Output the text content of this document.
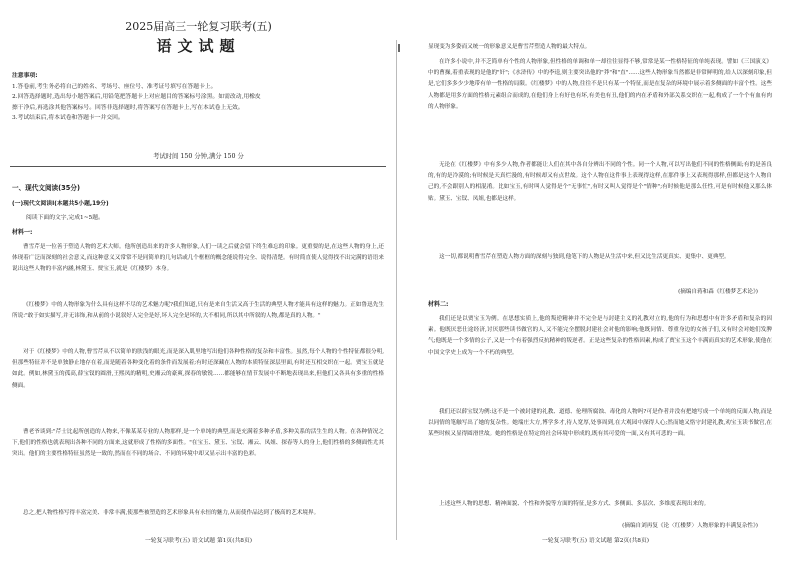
2025届高三一轮复习联考(五)
语文试题
注意事项:
1.答卷前,考生务必将自己的姓名、考场号、座位号、准考证号填写在答题卡上。
2.回答选择题时,选出每小题答案后,用铅笔把答题卡上对应题目的答案标号涂黑。如需改动,用橡皮
擦干净后,再选涂其他答案标号。回答非选择题时,将答案写在答题卡上,写在本试卷上无效。
3.考试结束后,将本试卷和答题卡一并交回。
考试时间 150 分钟,满分 150 分
一、现代文阅读(35分)
(一)现代文阅读Ⅰ(本题共5小题,19分)
阅读下面的文字,完成1~5题。
材料一:
曹雪芹是一位善于塑造人物的艺术大师。他所创造出来的许多人物形象,人们一读之后就会留下终生难忘的印象。更重要的是,在这些人物的身上,还体现着广泛而深刻的社会意义,而这种意义又常常不是同简单的几句话或几个框框的概念能说得完全、说得清楚。有时简直使人觉得找不出完满的语语来说出这些人物的丰富内涵,林黛玉、贾宝玉,就是《红楼梦》本身。
《红楼梦》中的人物形象为什么具有这样不尽的艺术魅力呢?我们知道,只有是来自生活又高于生活的典型人物才能具有这样的魅力。正如鲁迅先生所说:"敢于如实描写,并无讳饰,和从前的小说叙好人完全是好,坏人完全是坏的,大不相同,所以其中所叙的人物,都是真的人物。"
对于《红楼梦》中的人物,曹雪芹从不以简单的肤浅的眼光,而是深入肌里地写出他们各种性格的复杂和丰富性。虽然,每个人物的个性特征都很分明,但那些特征并不是单独静止地存在着,而是随着各种变化着的条件而发展着;有时还深藏在人物的本质特征深层里面,有时还互相交织在一起。贾宝玉就是如此。例如,林黛玉的孤高,薛宝钗的圆滑,王熙凤的精明,史湘云的豪爽,探春的敏锐……都能够在情节发展中不断地表现出来,但他们又各具有多重的性格侧面。
曹老爷谈到:"芹士比起所创造的人物来,不像某某专业的人物那样,是一个单纯的典型,而是充满着多种矛盾,多种关系的活生生的人物。在各种情况之下,他们的性格也就表现出各种不同的方面来,这就形成了性格的多面性。"在宝玉、黛玉、宝钗、湘云、凤姐、探春等人的身上,他们性格的多侧面性尤其突出。他们的主要性格特征虽然是一致的,然而在不同的场合、不同的环境中却又显示出丰富的色彩。
总之,把人物性格写得丰富完美、非常丰满,使那些被塑造的艺术形象具有永恒的魅力,从而使作品达到了极高的艺术境界。
显现变为多姿而又统一的形象意义是曹雪芹塑造人物的最大特点。
在许多小说中,并不乏简单有个性的人物形象,但性格的单调和单一却往往显得不够,常常是某一性格特征的单纯表现。譬如《三国演义》中的曹操,着重表现的是他的"奸";《水浒传》中的李逵,则主要突出他的"莽"和"直"……这些人物形象当然都是非常鲜明的,给人以深刻印象,但是,它们多多少少地带有单一性格的局限。《红楼梦》中的人物,往往不是只有某一个特征,而是在复杂的环境中展示着多侧面的丰富个性。这些人物都是用多方面的性格元素组合而成的,在他们身上有好也有坏,有美也有丑,他们的内在矛盾和外部关系交织在一起,构成了一个个有血有肉的人物形象。
无论在《红楼梦》中有多少人物,作者都能让人们在其中各自分辨出不同的个性。同一个人物,可以写出他们不同的性格侧面;有的是善良的,有的是冷漠的;有时候是天真烂漫的,有时候却又有点世故。这个人物在这件事上表现得这样,在那件事上又表现得那样,但都是这个人物自己的,不会跟别人的相混淆。比如宝玉,有时叫人觉得是个"无事忙",有时又叫人觉得是个"情种";有时候他是那么任性,可是有时候他又那么体贴。黛玉、宝钗、凤姐,也都是这样。
这一切,都说明曹雪芹在塑造人物方面的深刻与独到,他笔下的人物是从生活中来,但又比生活更真实、更集中、更典型。
(摘编自蒋和森《红楼梦艺术论》)
材料二:
我们还是以贾宝玉为例。在思想实质上,他的叛逆精神并不完全是与封建主义的礼教对立的,他的行为和思想中有许多矛盾和复杂的因素。他既厌恶仕途经济,讨厌那些读书做官的人,又不能完全摆脱封建社会对他的影响;他既同情、尊重身边的女孩子们,又有时会对她们发脾气;他既是一个多情的公子,又是一个有着强烈反抗精神的叛逆者。正是这些复杂的性格因素,构成了贾宝玉这个丰满而真实的艺术形象,使他在中国文学史上成为一个不朽的典型。
我们还以薛宝钗为例:这不是一个被封建的礼教、道德、伦理所腐蚀、毒化的人物吗?可是作者并没有把她写成一个单纯的反面人物,而是以同情的笔触写出了她的复杂性。她端庄大方,博学多才,待人宽厚,处事周到,在大观园中深得人心;然而她又恪守封建礼教,劝宝玉读书做官,在某些时候又显得圆滑世故。她的性格是在特定的社会环境中形成的,既有其可爱的一面,又有其可悲的一面。
上述这些人物的思想、精神面貌、个性和外貌等方面的特征,是多方式、多侧面、多层次、多维度表现出来的。
(摘编自刘再复《论〈红楼梦〉人物形象的丰满复杂性》)
一轮复习联考(五) 语文试题 第1页(共8页)	一轮复习联考(五) 语文试题 第2页(共8页)
